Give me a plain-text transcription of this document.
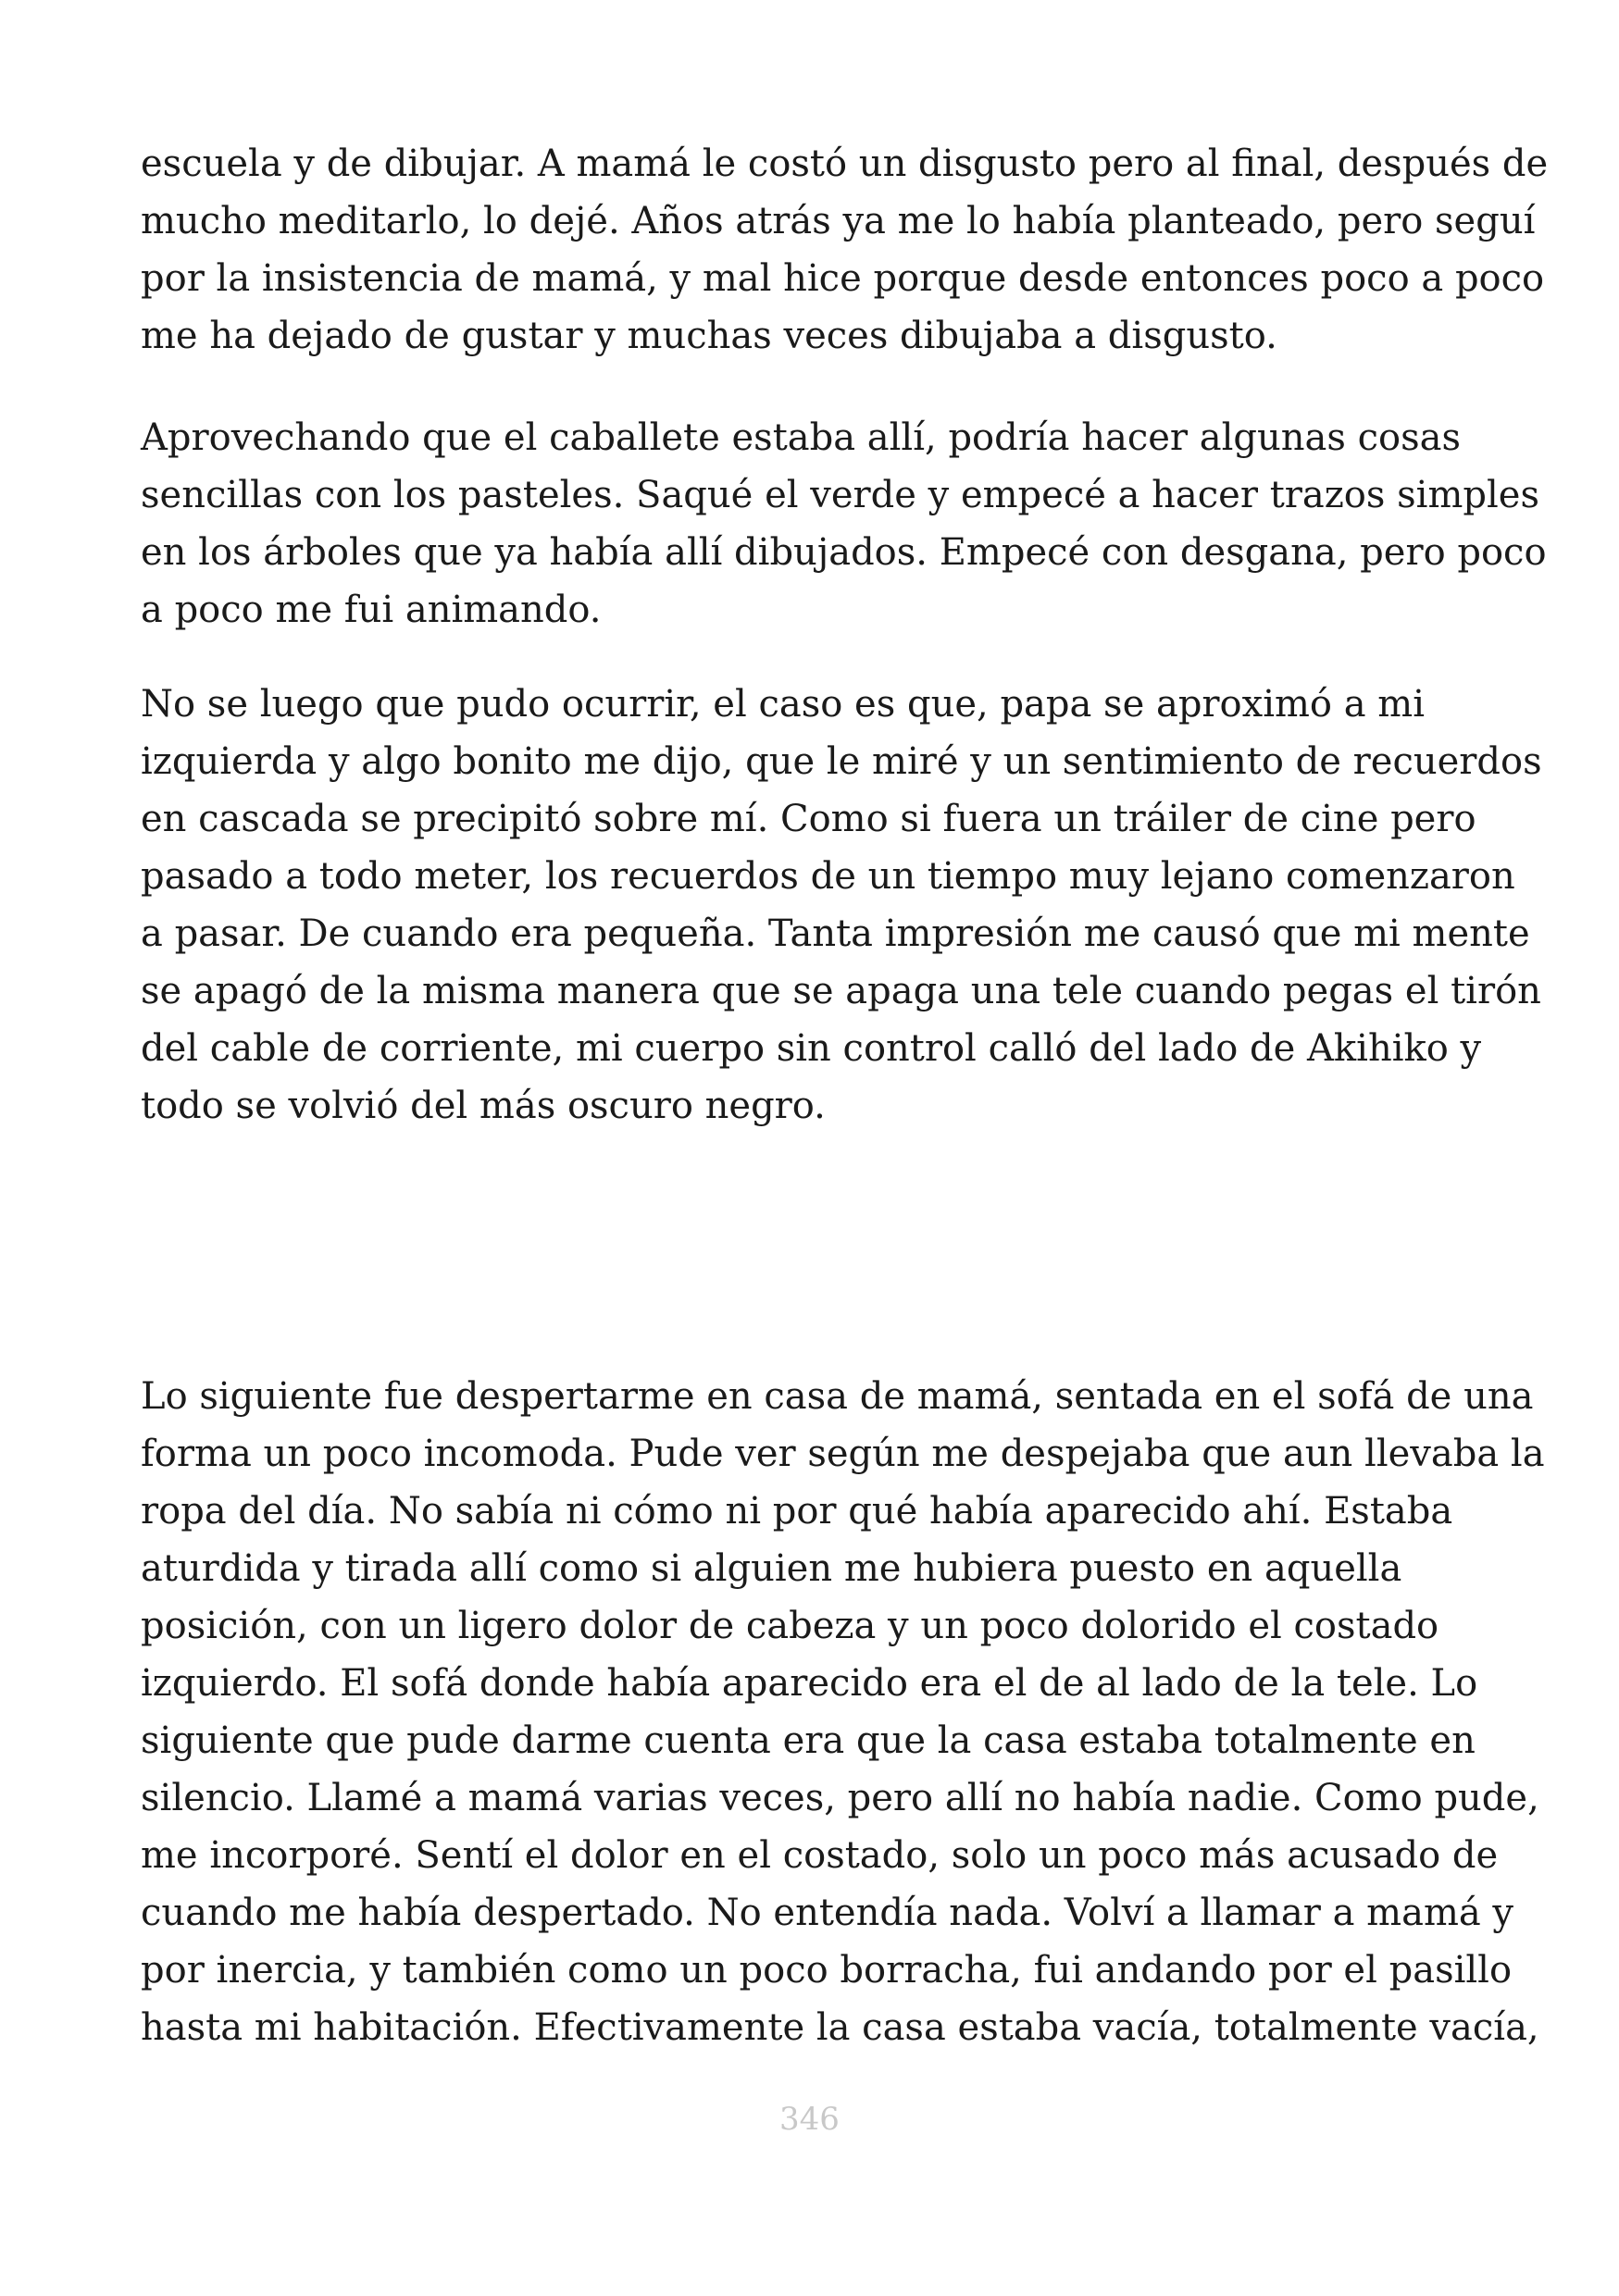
escuela y de dibujar. A mamá le costó un disgusto pero al final, después de
mucho meditarlo, lo dejé. Años atrás ya me lo había planteado, pero seguí
por la insistencia de mamá, y mal hice porque desde entonces poco a poco
me ha dejado de gustar y muchas veces dibujaba a disgusto.
Aprovechando que el caballete estaba allí, podría hacer algunas cosas
sencillas con los pasteles. Saqué el verde y empecé a hacer trazos simples
en los árboles que ya había allí dibujados. Empecé con desgana, pero poco
a poco me fui animando.
No se luego que pudo ocurrir, el caso es que, papa se aproximó a mi
izquierda y algo bonito me dijo, que le miré y un sentimiento de recuerdos
en cascada se precipitó sobre mí. Como si fuera un tráiler de cine pero
pasado a todo meter, los recuerdos de un tiempo muy lejano comenzaron
a pasar. De cuando era pequeña. Tanta impresión me causó que mi mente
se apagó de la misma manera que se apaga una tele cuando pegas el tirón
del cable de corriente, mi cuerpo sin control calló del lado de Akihiko y
todo se volvió del más oscuro negro.
Lo siguiente fue despertarme en casa de mamá, sentada en el sofá de una
forma un poco incomoda. Pude ver según me despejaba que aun llevaba la
ropa del día. No sabía ni cómo ni por qué había aparecido ahí. Estaba
aturdida y tirada allí como si alguien me hubiera puesto en aquella
posición, con un ligero dolor de cabeza y un poco dolorido el costado
izquierdo. El sofá donde había aparecido era el de al lado de la tele. Lo
siguiente que pude darme cuenta era que la casa estaba totalmente en
silencio. Llamé a mamá varias veces, pero allí no había nadie. Como pude,
me incorporé. Sentí el dolor en el costado, solo un poco más acusado de
cuando me había despertado. No entendía nada. Volví a llamar a mamá y
por inercia, y también como un poco borracha, fui andando por el pasillo
hasta mi habitación. Efectivamente la casa estaba vacía, totalmente vacía,
346
